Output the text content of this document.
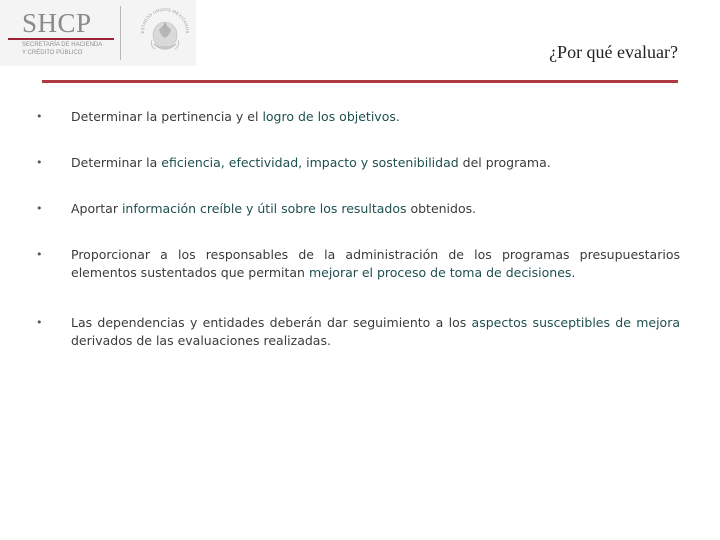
SHCP
SECRETARÍA DE HACIENDA
Y CRÉDITO PÚBLICO
ESTADOS UNIDOS MEXICANOS
¿Por qué evaluar?
• Determinar la pertinencia y el logro de los objetivos.
• Determinar la eficiencia, efectividad, impacto y sostenibilidad del programa.
• Aportar información creíble y útil sobre los resultados obtenidos.
• Proporcionar a los responsables de la administración de los programas presupuestarios elementos sustentados que permitan mejorar el proceso de toma de decisiones.
• Las dependencias y entidades deberán dar seguimiento a los aspectos susceptibles de mejora derivados de las evaluaciones realizadas.
